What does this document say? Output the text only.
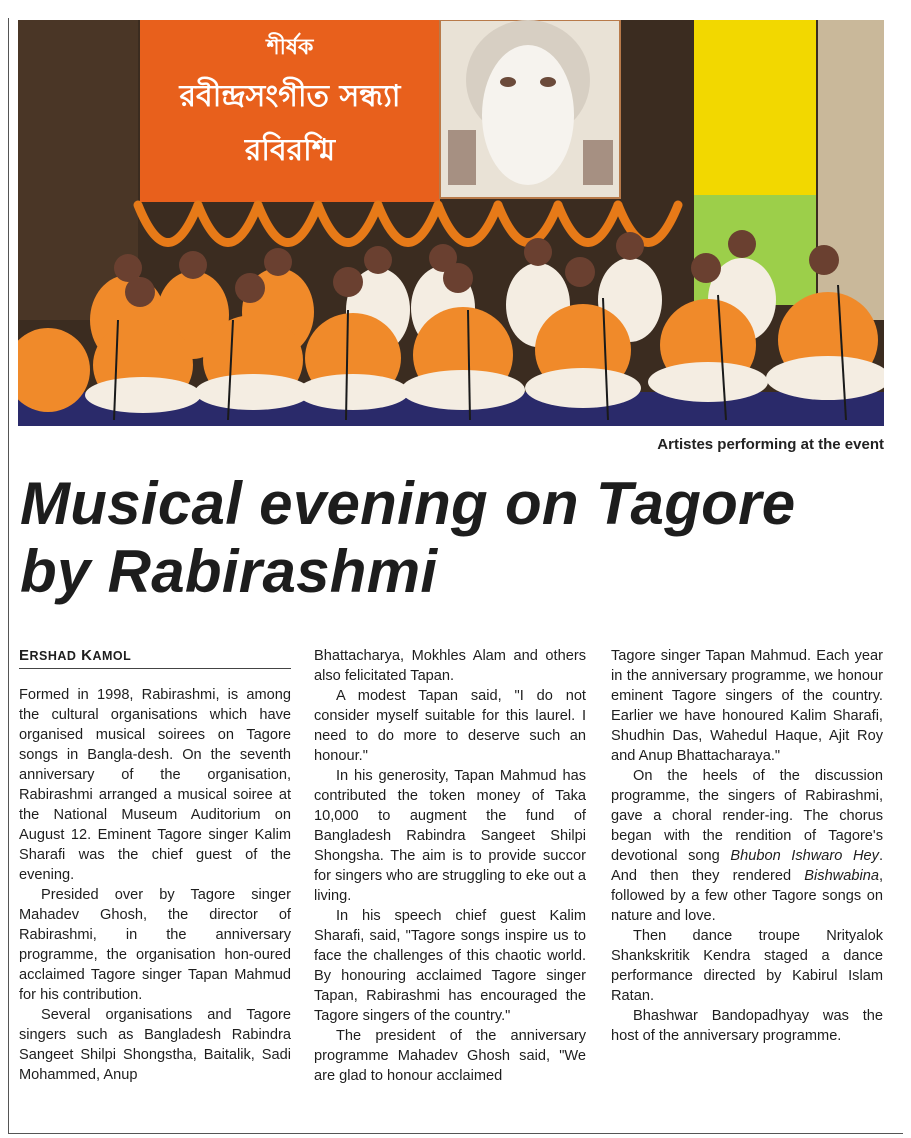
শীর্ষক
রবীন্দ্রসংগীত সন্ধ্যা
রবিরশ্মি
Artistes performing at the event
Musical evening on Tagore
by Rabirashmi
ERSHAD KAMOL

Formed in 1998, Rabirashmi, is among the cultural organisations which have organised musical soirees on Tagore songs in Bangla-desh. On the seventh anniversary of the organisation, Rabirashmi arranged a musical soiree at the National Museum Auditorium on August 12. Eminent Tagore singer Kalim Sharafi was the chief guest of the evening.

Presided over by Tagore singer Mahadev Ghosh, the director of Rabirashmi, in the anniversary programme, the organisation hon-oured acclaimed Tagore singer Tapan Mahmud for his contribution.

Several organisations and Tagore singers such as Bangladesh Rabindra Sangeet Shilpi Shongstha, Baitalik, Sadi Mohammed, Anup

Bhattacharya, Mokhles Alam and others also felicitated Tapan.

A modest Tapan said, "I do not consider myself suitable for this laurel. I need to do more to deserve such an honour."

In his generosity, Tapan Mahmud has contributed the token money of Taka 10,000 to augment the fund of Bangladesh Rabindra Sangeet Shilpi Shongsha. The aim is to provide succor for singers who are struggling to eke out a living.

In his speech chief guest Kalim Sharafi, said, "Tagore songs inspire us to face the challenges of this chaotic world. By honouring acclaimed Tagore singer Tapan, Rabirashmi has encouraged the Tagore singers of the country."

The president of the anniversary programme Mahadev Ghosh said, "We are glad to honour acclaimed

Tagore singer Tapan Mahmud. Each year in the anniversary programme, we honour eminent Tagore singers of the country. Earlier we have honoured Kalim Sharafi, Shudhin Das, Wahedul Haque, Ajit Roy and Anup Bhattacharaya."

On the heels of the discussion programme, the singers of Rabirashmi, gave a choral render-ing. The chorus began with the rendition of Tagore's devotional song Bhubon Ishwaro Hey. And then they rendered Bishwabina, followed by a few other Tagore songs on nature and love.

Then dance troupe Nrityalok Shankskritik Kendra staged a dance performance directed by Kabirul Islam Ratan.

Bhashwar Bandopadhyay was the host of the anniversary programme.
